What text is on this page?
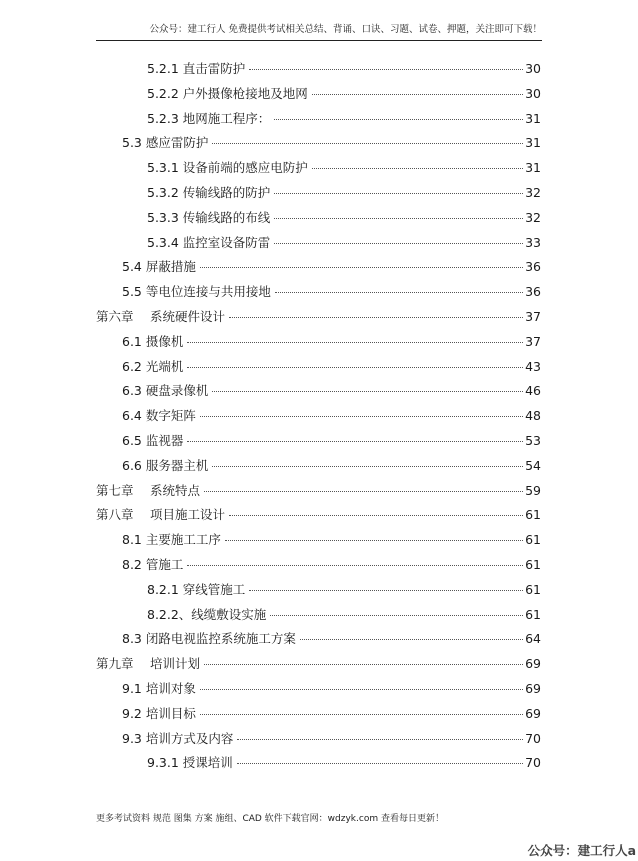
公众号：建工行人 免费提供考试相关总结、背诵、口诀、习题、试卷、押题，关注即可下载！
5.2.1 直击雷防护	30
5.2.2 户外摄像枪接地及地网	30
5.2.3 地网施工程序：	31
5.3 感应雷防护	31
5.3.1 设备前端的感应电防护	31
5.3.2 传输线路的防护	32
5.3.3 传输线路的布线	32
5.3.4 监控室设备防雷	33
5.4 屏蔽措施	36
5.5 等电位连接与共用接地	36
第六章　 系统硬件设计	37
6.1 摄像机	37
6.2 光端机	43
6.3 硬盘录像机	46
6.4 数字矩阵	48
6.5 监视器	53
6.6 服务器主机	54
第七章　 系统特点	59
第八章　 项目施工设计	61
8.1 主要施工工序	61
8.2 管施工	61
8.2.1 穿线管施工	61
8.2.2、线缆敷设实施	61
8.3 闭路电视监控系统施工方案	64
第九章　 培训计划	69
9.1 培训对象	69
9.2 培训目标	69
9.3 培训方式及内容	70
9.3.1 授课培训	70
更多考试资料 规范 图集 方案 施组、CAD 软件下载官网：wdzyk.com 查看每日更新！
公众号：建工行人a
